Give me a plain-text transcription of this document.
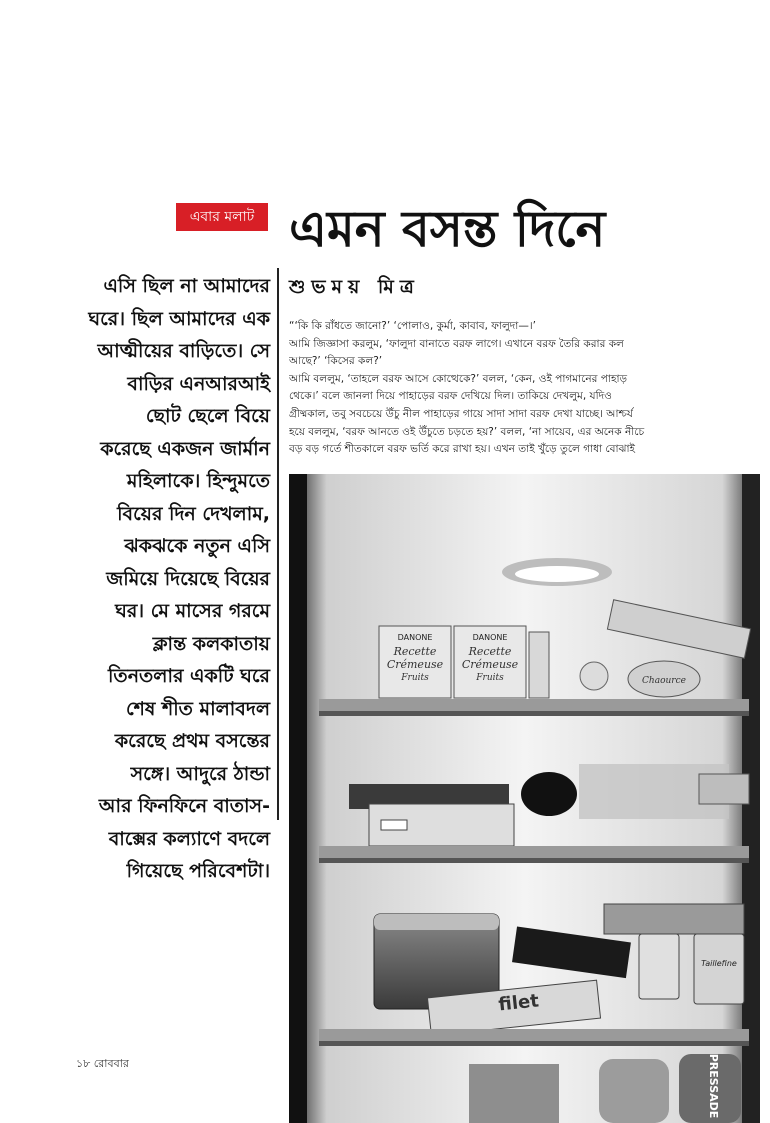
এবার মলাট এমন বসন্ত দিনে
শুভময় মিত্র
এসি ছিল না আমাদের
ঘরে। ছিল আমাদের এক
আত্মীয়ের বাড়িতে। সে
বাড়ির এনআরআই
ছোট ছেলে বিয়ে
করেছে একজন জার্মান
মহিলাকে। হিন্দুমতে
বিয়ের দিন দেখলাম,
ঝকঝকে নতুন এসি
জমিয়ে দিয়েছে বিয়ের
ঘর। মে মাসের গরমে
ক্লান্ত কলকাতায়
তিনতলার একটি ঘরে
শেষ শীত মালাবদল
করেছে প্রথম বসন্তের
সঙ্গে। আদুরে ঠান্ডা
আর ফিনফিনে বাতাস-
বাক্সের কল্যাণে বদলে
গিয়েছে পরিবেশটা।
“‘কি কি রাঁধতে জানো?’ ‘পোলাও, কুর্মা, কাবাব, ফালুদা—।’
আমি জিজ্ঞাসা করলুম, ‘ফালুদা বানাতে বরফ লাগে। এখানে বরফ তৈরি করার কল
আছে?’ ‘কিসের কল?’
আমি বললুম, ‘তাহলে বরফ আসে কোত্থেকে?’ বলল, ‘কেন, ওই পাগমানের পাহাড়
থেকে।’ বলে জানলা দিয়ে পাহাড়ের বরফ দেখিয়ে দিল। তাকিয়ে দেখলুম, যদিও
গ্রীষ্মকাল, তবু সবচেয়ে উঁচু নীল পাহাড়ের গায়ে সাদা সাদা বরফ দেখা যাচ্ছে। আশ্চর্য
হয়ে বললুম, ‘বরফ আনতে ওই উঁচুতে চড়তে হয়?’ বলল, ‘না সায়েব, এর অনেক নীচে
বড় বড় গর্তে শীতকালে বরফ ভর্তি করে রাখা হয়। এখন তাই খুঁড়ে তুলে গাধা বোঝাই
DANONE
Recette
Crémeuse
Fruits
DANONE
Recette
Crémeuse
Fruits	Chaource
filet
Taillefine
PRESSADE
১৮ রোববার
